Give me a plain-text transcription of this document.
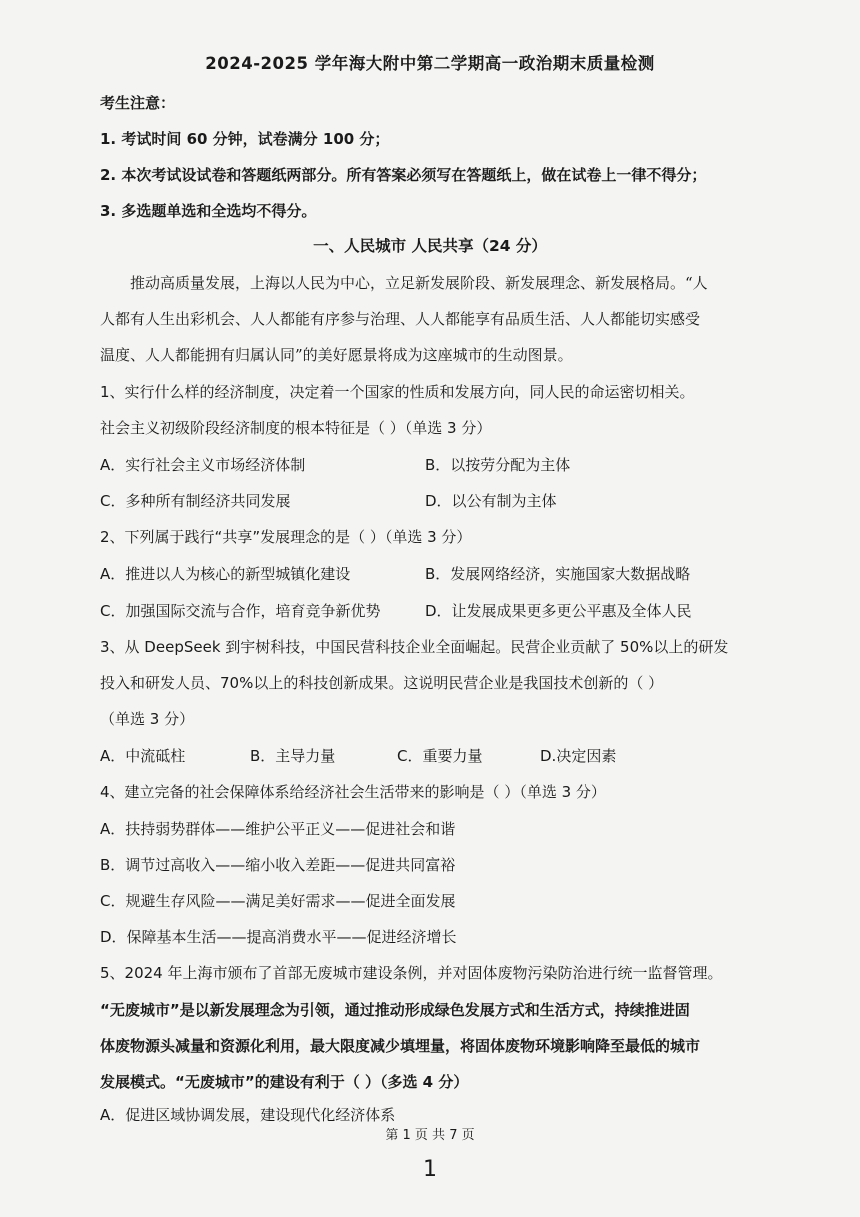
2024-2025 学年海大附中第二学期高一政治期末质量检测
考生注意：
1. 考试时间 60 分钟，试卷满分 100 分；
2. 本次考试设试卷和答题纸两部分。所有答案必须写在答题纸上，做在试卷上一律不得分；
3. 多选题单选和全选均不得分。
一、人民城市 人民共享（24 分）
推动高质量发展，上海以人民为中心，立足新发展阶段、新发展理念、新发展格局。“人
人都有人生出彩机会、人人都能有序参与治理、人人都能享有品质生活、人人都能切实感受
温度、人人都能拥有归属认同”的美好愿景将成为这座城市的生动图景。
1、实行什么样的经济制度，决定着一个国家的性质和发展方向，同人民的命运密切相关。
社会主义初级阶段经济制度的根本特征是（ ）（单选 3 分）
A．实行社会主义市场经济体制	B．以按劳分配为主体
C．多种所有制经济共同发展	D．以公有制为主体
2、下列属于践行“共享”发展理念的是（ ）（单选 3 分）
A．推进以人为核心的新型城镇化建设	B．发展网络经济，实施国家大数据战略
C．加强国际交流与合作，培育竞争新优势	D．让发展成果更多更公平惠及全体人民
3、从 DeepSeek 到宇树科技，中国民营科技企业全面崛起。民营企业贡献了 50%以上的研发
投入和研发人员、70%以上的科技创新成果。这说明民营企业是我国技术创新的（ ）
（单选 3 分）
A．中流砥柱	B．主导力量	C．重要力量	D.决定因素
4、建立完备的社会保障体系给经济社会生活带来的影响是（ ）（单选 3 分）
A．扶持弱势群体——维护公平正义——促进社会和谐
B．调节过高收入——缩小收入差距——促进共同富裕
C．规避生存风险——满足美好需求——促进全面发展
D．保障基本生活——提高消费水平——促进经济增长
5、2024 年上海市颁布了首部无废城市建设条例，并对固体废物污染防治进行统一监督管理。
“无废城市”是以新发展理念为引领，通过推动形成绿色发展方式和生活方式，持续推进固
体废物源头减量和资源化利用，最大限度减少填埋量，将固体废物环境影响降至最低的城市
发展模式。“无废城市”的建设有利于（ ）（多选 4 分）
A．促进区域协调发展，建设现代化经济体系
第 1 页 共 7 页
1
